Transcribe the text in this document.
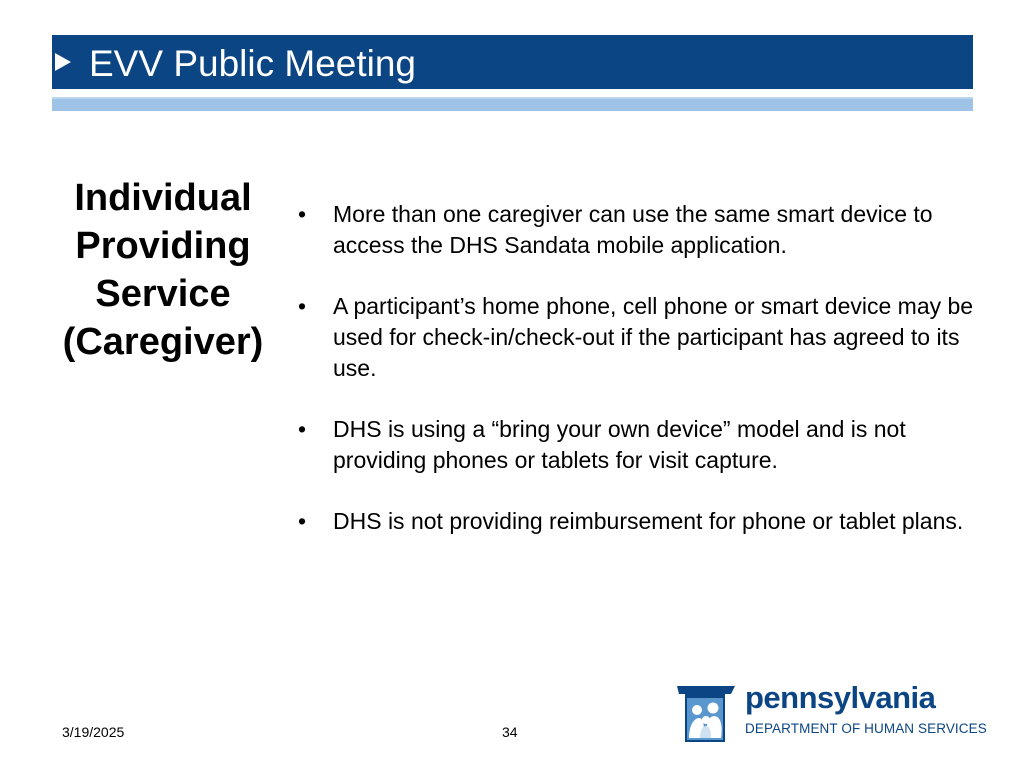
EVV Public Meeting
Individual
Providing
Service
(Caregiver)
• More than one caregiver can use the same smart device to access the DHS Sandata mobile application.
• A participant’s home phone, cell phone or smart device may be used for check-in/check-out if the participant has agreed to its use.
• DHS is using a “bring your own device” model and is not providing phones or tablets for visit capture.
• DHS is not providing reimbursement for phone or tablet plans.
3/19/2025	34
pennsylvania
DEPARTMENT OF HUMAN SERVICES
